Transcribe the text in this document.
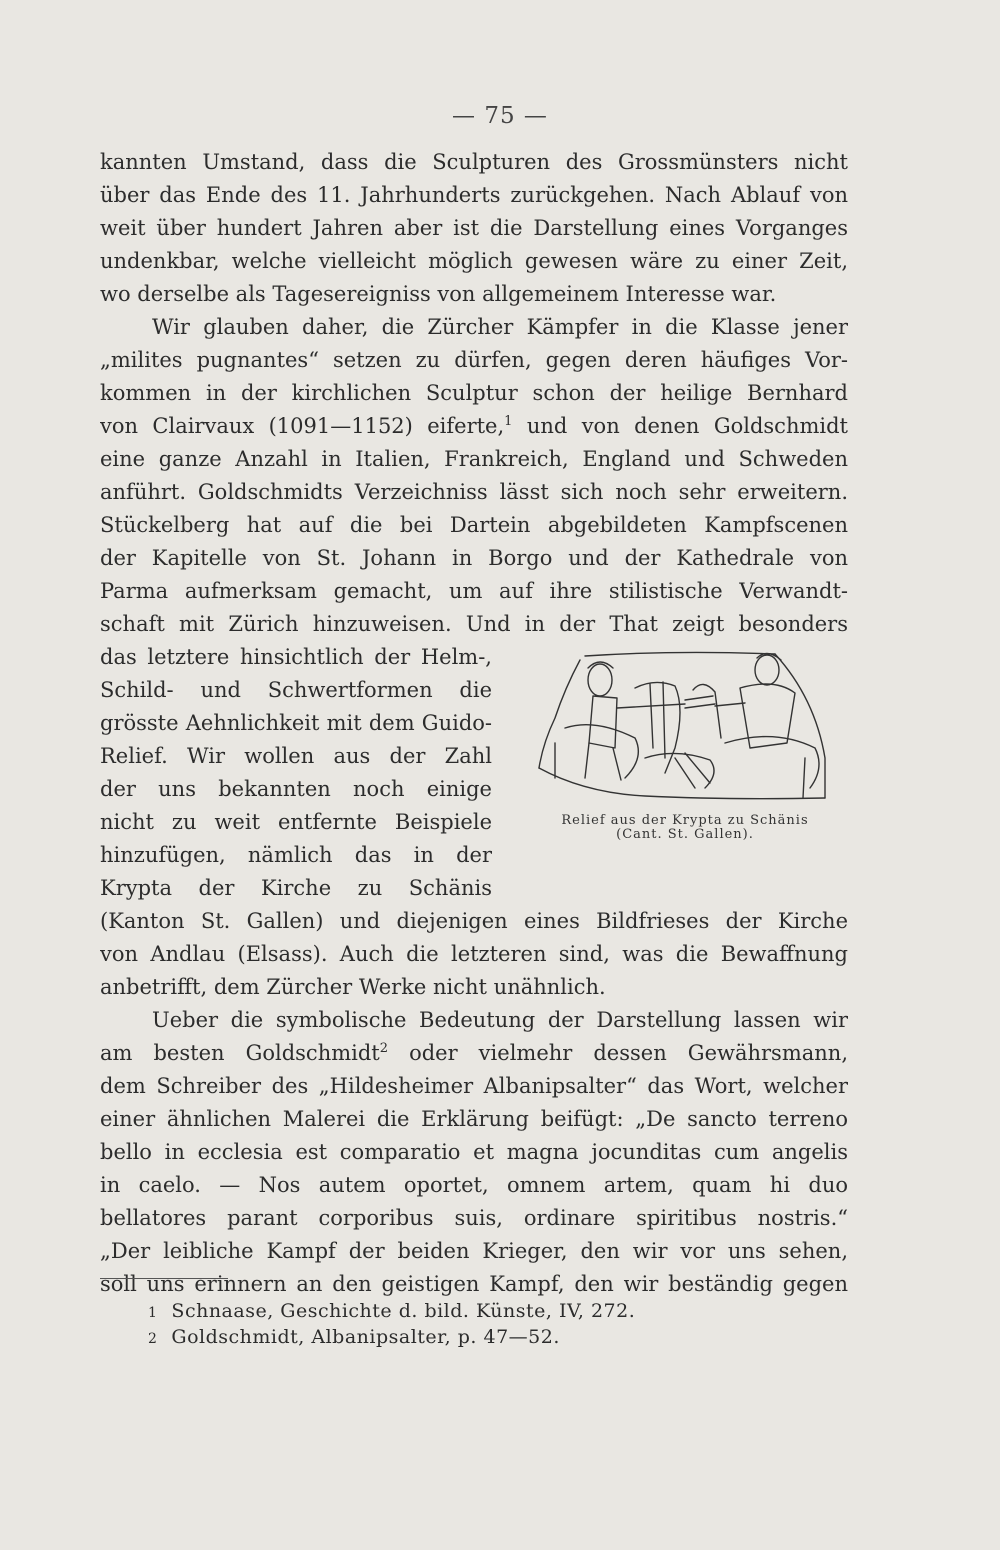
— 75 —
kannten Umstand, dass die Sculpturen des Grossmünsters nicht
über das Ende des 11. Jahrhunderts zurückgehen. Nach Ablauf von
weit über hundert Jahren aber ist die Darstellung eines Vorganges
undenkbar, welche vielleicht möglich gewesen wäre zu einer Zeit,
wo derselbe als Tagesereigniss von allgemeinem Interesse war.
Wir glauben daher, die Zürcher Kämpfer in die Klasse jener
„milites pugnantes“ setzen zu dürfen, gegen deren häufiges Vor-
kommen in der kirchlichen Sculptur schon der heilige Bernhard
von Clairvaux (1091—1152) eiferte,$^1$ und von denen Goldschmidt
eine ganze Anzahl in Italien, Frankreich, England und Schweden
anführt. Goldschmidts Verzeichniss lässt sich noch sehr erweitern.
Stückelberg hat auf die bei Dartein abgebildeten Kampfscenen
der Kapitelle von St. Johann in Borgo und der Kathedrale von
Parma aufmerksam gemacht, um auf ihre stilistische Verwandt-
schaft mit Zürich hinzuweisen. Und in der That zeigt besonders
das letztere hinsichtlich der Helm-,
Schild- und Schwertformen die
grösste Aehnlichkeit mit dem Guido-
Relief. Wir wollen aus der Zahl
der uns bekannten noch einige
nicht zu weit entfernte Beispiele
hinzufügen, nämlich das in der
Krypta der Kirche zu Schänis
(Kanton St. Gallen) und diejenigen eines Bildfrieses der Kirche
von Andlau (Elsass). Auch die letzteren sind, was die Bewaffnung
anbetrifft, dem Zürcher Werke nicht unähnlich.
Ueber die symbolische Bedeutung der Darstellung lassen wir
am besten Goldschmidt$^2$ oder vielmehr dessen Gewährsmann,
dem Schreiber des „Hildesheimer Albanipsalter“ das Wort, welcher
einer ähnlichen Malerei die Erklärung beifügt: „De sancto terreno
bello in ecclesia est comparatio et magna jocunditas cum angelis
in caelo. — Nos autem oportet, omnem artem, quam hi duo
bellatores parant corporibus suis, ordinare spiritibus nostris.“
„Der leibliche Kampf der beiden Krieger, den wir vor uns sehen,
soll uns erinnern an den geistigen Kampf, den wir beständig gegen
Relief aus der Krypta zu Schänis
(Cant. St. Gallen).
1 Schnaase, Geschichte d. bild. Künste, IV, 272.
2 Goldschmidt, Albanipsalter, p. 47—52.
